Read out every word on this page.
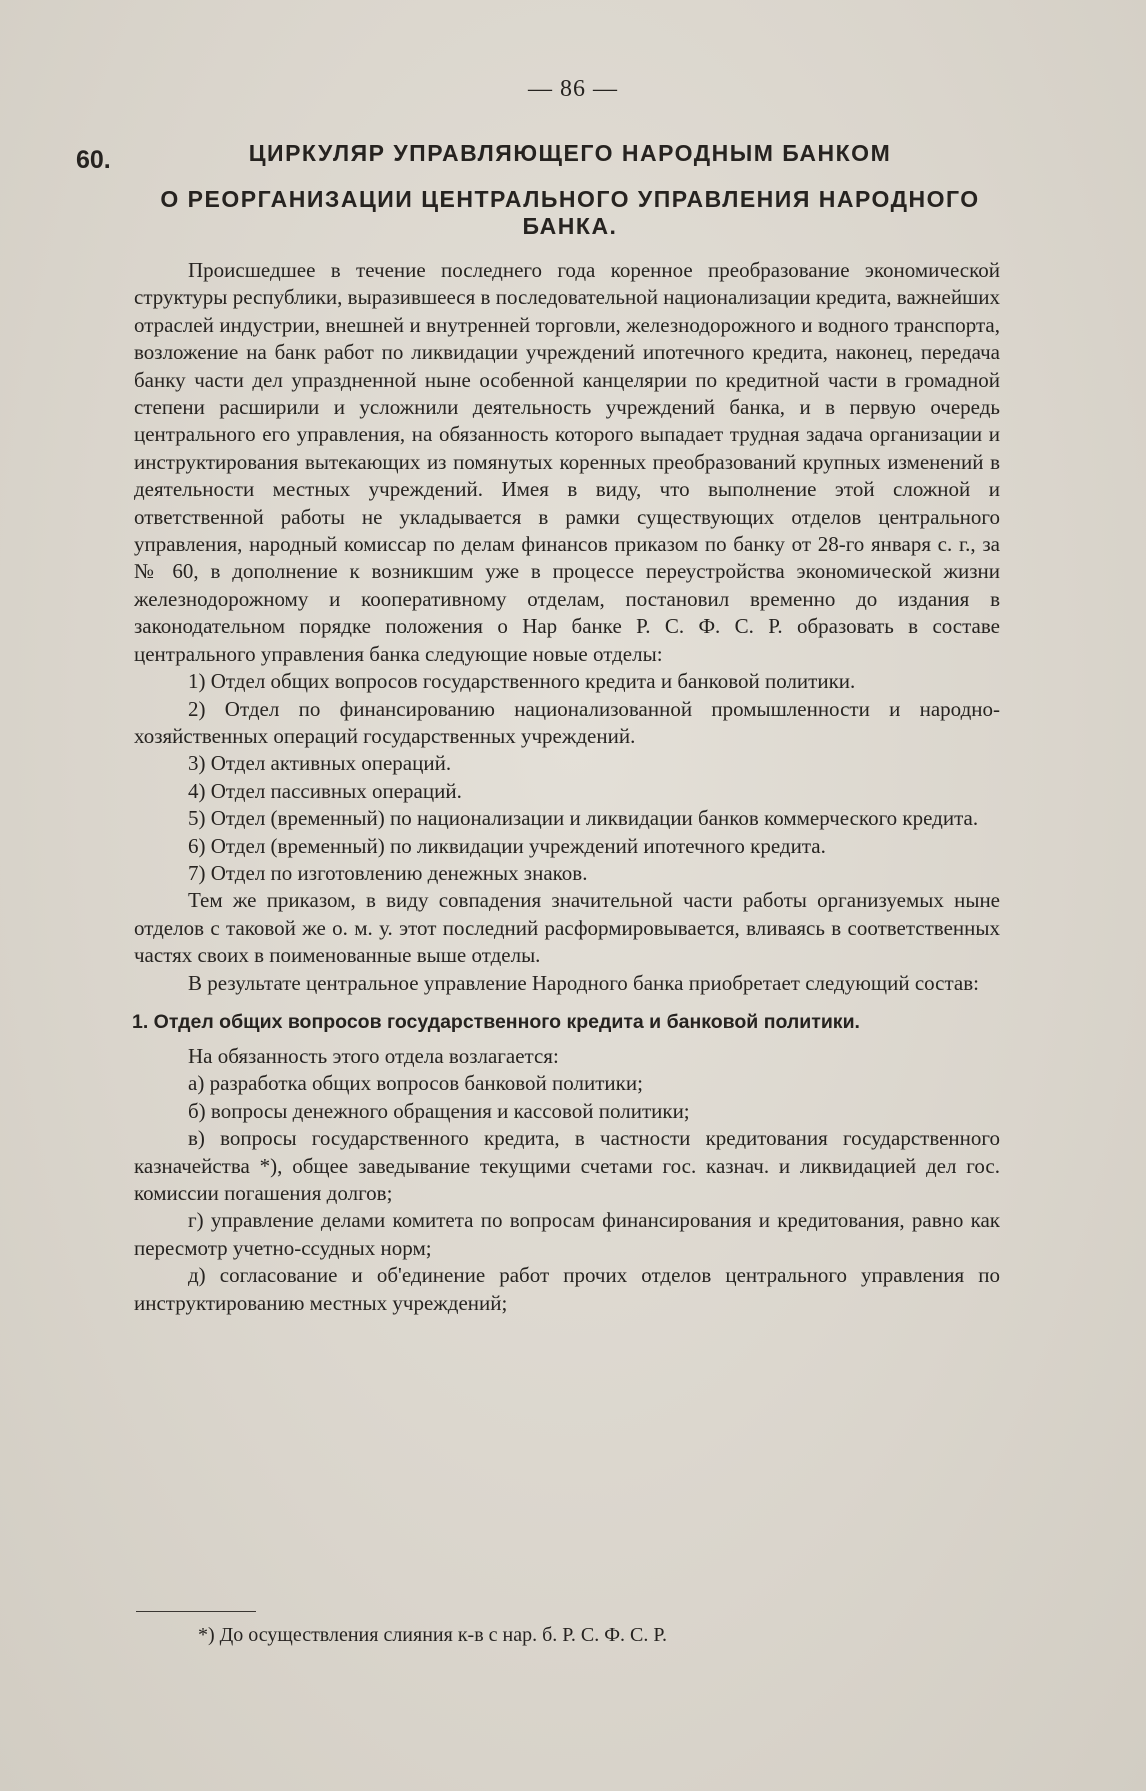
— 86 —
60.	ЦИРКУЛЯР УПРАВЛЯЮЩЕГО НАРОДНЫМ БАНКОМ
О РЕОРГАНИЗАЦИИ ЦЕНТРАЛЬНОГО УПРАВЛЕНИЯ НАРОДНОГО БАНКА.

Происшедшее в течение последнего года коренное преобразование экономической структуры республики, выразившееся в последовательной национализации кредита, важнейших отраслей индустрии, внешней и внутренней торговли, железнодорожного и водного транспорта, возложение на банк работ по ликвидации учреждений ипотечного кредита, наконец, передача банку части дел упраздненной ныне особенной канцелярии по кредитной части в громадной степени расширили и усложнили деятельность учреждений банка, и в первую очередь центрального его управления, на обязанность которого выпадает трудная задача организации и инструктирования вытекающих из помянутых коренных преобразований крупных изменений в деятельности местных учреждений. Имея в виду, что выполнение этой сложной и ответственной работы не укладывается в рамки существующих отделов центрального управления, народный комиссар по делам финансов приказом по банку от 28-го января с. г., за № 60, в дополнение к возникшим уже в процессе переустройства экономической жизни железнодорожному и кооперативному отделам, постановил временно до издания в законодательном порядке положения о Нар банке Р. С. Ф. С. Р. образовать в составе центрального управления банка следующие новые отделы:

1) Отдел общих вопросов государственного кредита и банковой политики.

2) Отдел по финансированию национализованной промышленности и народно-хозяйственных операций государственных учреждений.

3) Отдел активных операций.

4) Отдел пассивных операций.

5) Отдел (временный) по национализации и ликвидации банков коммерческого кредита.

6) Отдел (временный) по ликвидации учреждений ипотечного кредита.

7) Отдел по изготовлению денежных знаков.

Тем же приказом, в виду совпадения значительной части работы организуемых ныне отделов с таковой же о. м. у. этот последний расформировывается, вливаясь в соответственных частях своих в поименованные выше отделы.

В результате центральное управление Народного банка приобретает следующий состав:

1. Отдел общих вопросов государственного кредита и банковой политики.

На обязанность этого отдела возлагается:

а) разработка общих вопросов банковой политики;

б) вопросы денежного обращения и кассовой политики;

в) вопросы государственного кредита, в частности кредитования государственного казначейства *), общее заведывание текущими счетами гос. казнач. и ликвидацией дел гос. комиссии погашения долгов;

г) управление делами комитета по вопросам финансирования и кредитования, равно как пересмотр учетно-ссудных норм;

д) согласование и об'единение работ прочих отделов центрального управления по инструктированию местных учреждений;

*) До осуществления слияния к-в с нар. б. Р. С. Ф. С. Р.
